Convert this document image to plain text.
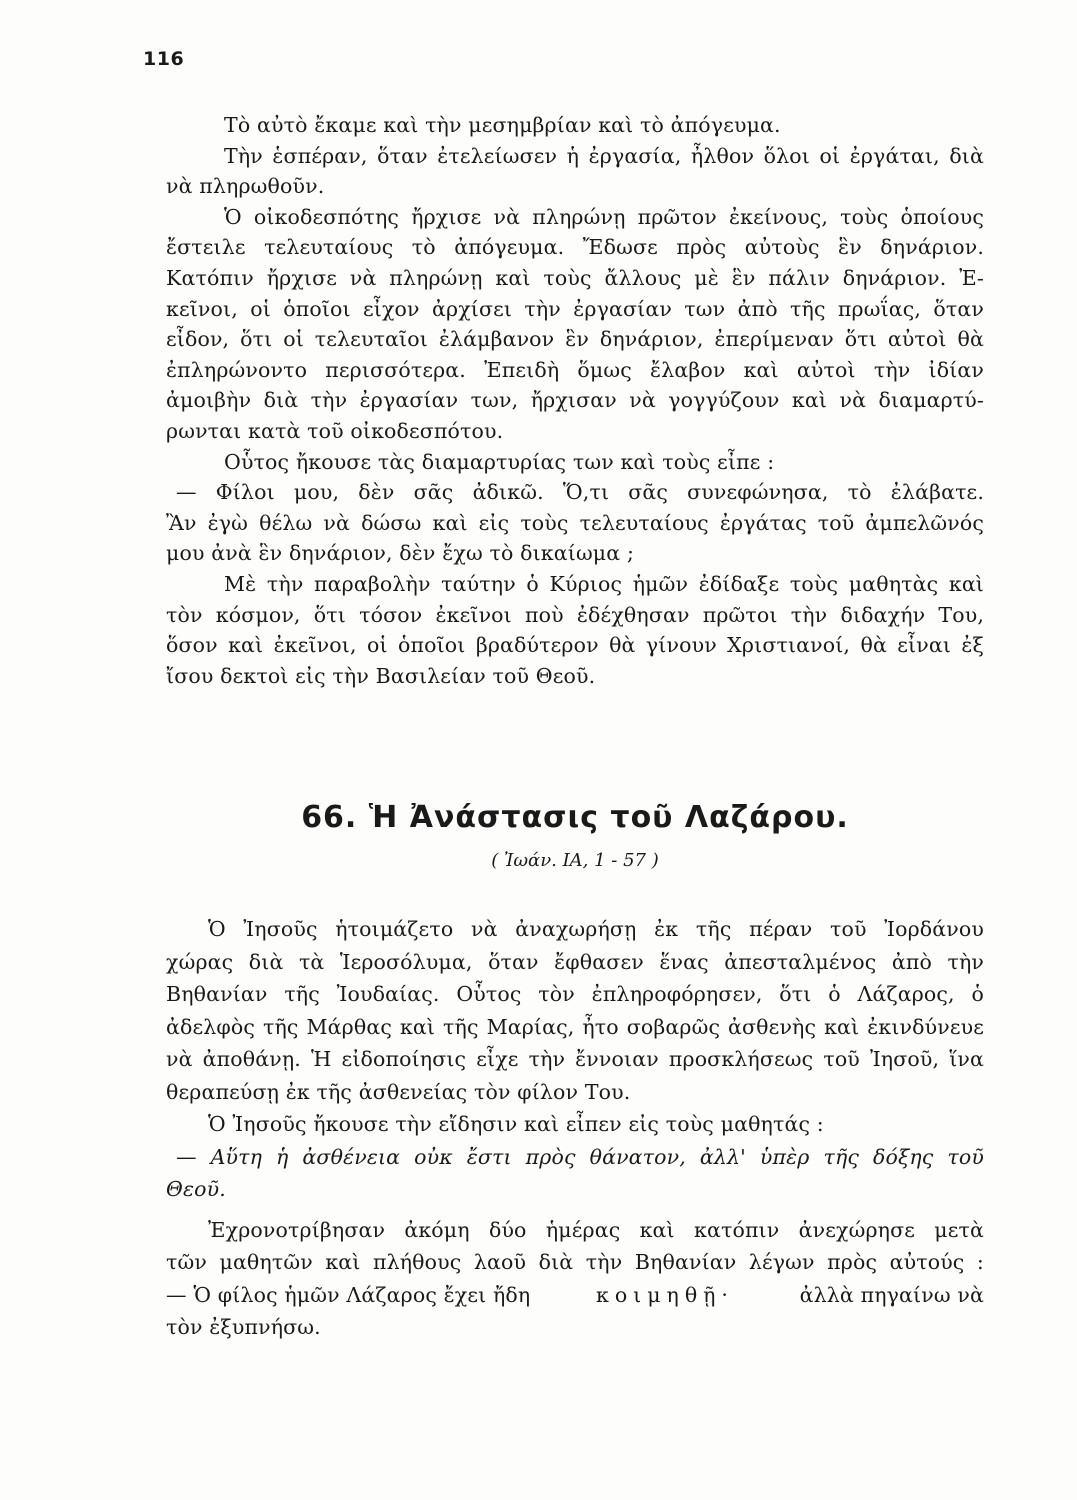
116
Τὸ αὐτὸ ἔκαμε καὶ τὴν μεσημβρίαν καὶ τὸ ἀπόγευμα.
Τὴν ἑσπέραν, ὅταν ἐτελείωσεν ἡ ἐργασία, ἦλθον ὅλοι οἱ ἐργάται, διὰ
νὰ πληρωθοῦν.
Ὁ οἰκοδεσπότης ἤρχισε νὰ πληρώνῃ πρῶτον ἐκείνους, τοὺς ὁποίους
ἔστειλε τελευταίους τὸ ἀπόγευμα. Ἔδωσε πρὸς αὐτοὺς ἓν δηνάριον.
Κατόπιν ἤρχισε νὰ πληρώνῃ καὶ τοὺς ἄλλους μὲ ἓν πάλιν δηνάριον. Ἐ-
κεῖνοι, οἱ ὁποῖοι εἶχον ἀρχίσει τὴν ἐργασίαν των ἀπὸ τῆς πρωΐας, ὅταν
εἶδον, ὅτι οἱ τελευταῖοι ἐλάμβανον ἓν δηνάριον, ἐπερίμεναν ὅτι αὐτοὶ θὰ
ἐπληρώνοντο περισσότερα. Ἐπειδὴ ὅμως ἔλαβον καὶ αὐτοὶ τὴν ἰδίαν
ἀμοιβὴν διὰ τὴν ἐργασίαν των, ἤρχισαν νὰ γογγύζουν καὶ νὰ διαμαρτύ-
ρωνται κατὰ τοῦ οἰκοδεσπότου.
Οὗτος ἤκουσε τὰς διαμαρτυρίας των καὶ τοὺς εἶπε :
— Φίλοι μου, δὲν σᾶς ἀδικῶ. Ὅ,τι σᾶς συνεφώνησα, τὸ ἐλάβατε.
Ἂν ἐγὼ θέλω νὰ δώσω καὶ εἰς τοὺς τελευταίους ἐργάτας τοῦ ἀμπελῶνός
μου ἀνὰ ἓν δηνάριον, δὲν ἔχω τὸ δικαίωμα ;
Μὲ τὴν παραβολὴν ταύτην ὁ Κύριος ἡμῶν ἐδίδαξε τοὺς μαθητὰς καὶ
τὸν κόσμον, ὅτι τόσον ἐκεῖνοι ποὺ ἐδέχθησαν πρῶτοι τὴν διδαχήν Του,
ὅσον καὶ ἐκεῖνοι, οἱ ὁποῖοι βραδύτερον θὰ γίνουν Χριστιανοί, θὰ εἶναι ἐξ
ἴσου δεκτοὶ εἰς τὴν Βασιλείαν τοῦ Θεοῦ.
66. Ἡ Ἀνάστασις τοῦ Λαζάρου.
( Ἰωάν. ΙΑ, 1 - 57 )
Ὁ Ἰησοῦς ἡτοιμάζετο νὰ ἀναχωρήσῃ ἐκ τῆς πέραν τοῦ Ἰορδάνου
χώρας διὰ τὰ Ἱεροσόλυμα, ὅταν ἔφθασεν ἕνας ἀπεσταλμένος ἀπὸ τὴν
Βηθανίαν τῆς Ἰουδαίας. Οὗτος τὸν ἐπληροφόρησεν, ὅτι ὁ Λάζαρος, ὁ
ἀδελφὸς τῆς Μάρθας καὶ τῆς Μαρίας, ἦτο σοβαρῶς ἀσθενὴς καὶ ἐκινδύνευε
νὰ ἀποθάνῃ. Ἡ εἰδοποίησις εἶχε τὴν ἔννοιαν προσκλήσεως τοῦ Ἰησοῦ, ἵνα
θεραπεύσῃ ἐκ τῆς ἀσθενείας τὸν φίλον Του.
Ὁ Ἰησοῦς ἤκουσε τὴν εἴδησιν καὶ εἶπεν εἰς τοὺς μαθητάς :
— Αὕτη ἡ ἀσθένεια οὐκ ἔστι πρὸς θάνατον, ἀλλ' ὑπὲρ τῆς δόξης τοῦ
Θεοῦ.
Ἐχρονοτρίβησαν ἀκόμη δύο ἡμέρας καὶ κατόπιν ἀνεχώρησε μετὰ
τῶν μαθητῶν καὶ πλήθους λαοῦ διὰ τὴν Βηθανίαν λέγων πρὸς αὐτούς :
— Ὁ φίλος ἡμῶν Λάζαρος ἔχει ἤδη	κοιμηθῇ·	ἀλλὰ πηγαίνω νὰ
τὸν ἐξυπνήσω.
